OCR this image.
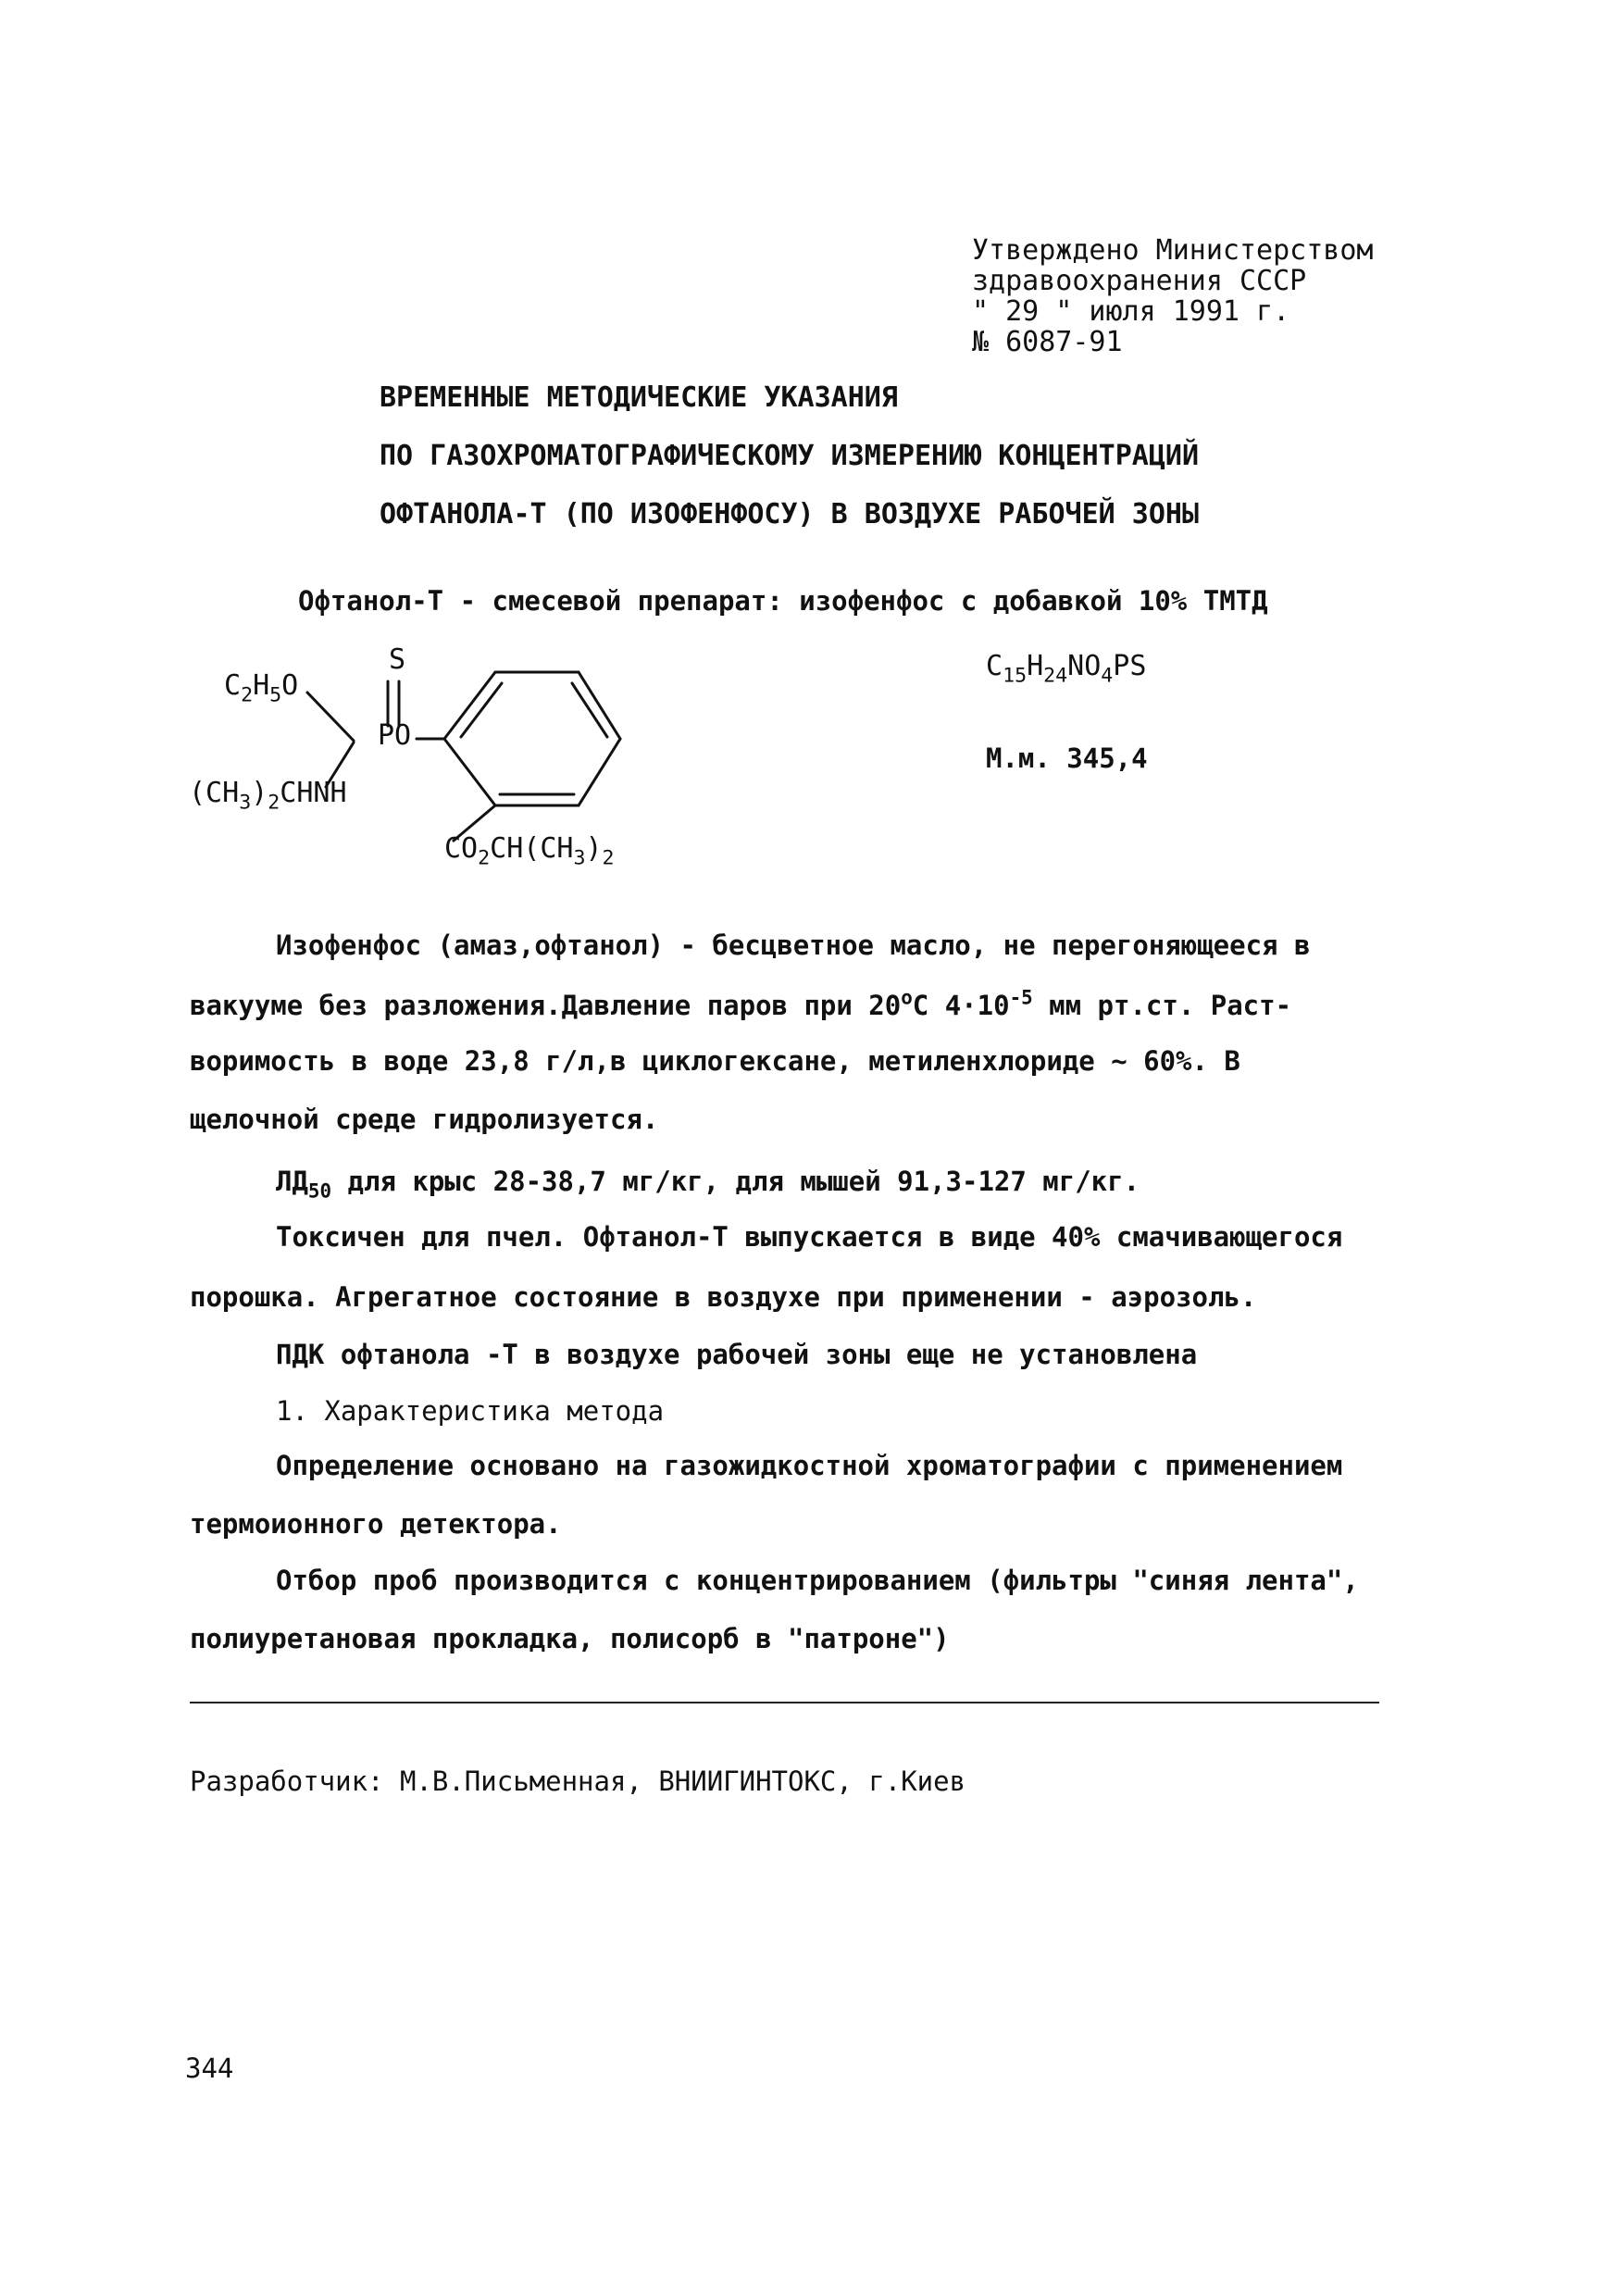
Утверждено Министерством
здравоохранения СССР
" 29 " июля 1991 г.
№ 6087-91
ВРЕМЕННЫЕ МЕТОДИЧЕСКИЕ УКАЗАНИЯ
ПО ГАЗОХРОМАТОГРАФИЧЕСКОМУ ИЗМЕРЕНИЮ КОНЦЕНТРАЦИЙ
ОФТАНОЛА-Т (ПО ИЗОФЕНФОСУ) В ВОЗДУХЕ РАБОЧЕЙ ЗОНЫ
Офтанол-Т - смесевой препарат: изофенфос с добавкой 10% ТМТД
S
$C_2H_5O$
PO
$(CH_3)_2CHNH$
$CO_2CH(CH_3)_2$
$C_{15}H_{24}NO_4PS$
М.м. 345,4
Изофенфос (амаз,офтанол) - бесцветное масло, не перегоняющееся в
вакууме без разложения.Давление паров при 20$^o$С $4\cdot 10^{-5}$ мм рт.ст. Раст-
воримость в воде 23,8 г/л,в циклогексане, метиленхлориде ~ 60%. В
щелочной среде гидролизуется.
$ЛД_{50}$ для крыс 28-38,7 мг/кг, для мышей 91,3-127 мг/кг.
Токсичен для пчел. Офтанол-Т выпускается в виде 40% смачивающегося
порошка. Агрегатное состояние в воздухе при применении - аэрозоль.
ПДК офтанола -Т в воздухе рабочей зоны еще не установлена
1. Характеристика метода
Определение основано на газожидкостной хроматографии с применением
термоионного детектора.
Отбор проб производится с концентрированием (фильтры "синяя лента",
полиуретановая прокладка, полисорб в "патроне")
Разработчик: М.В.Письменная, ВНИИГИНТОКС, г.Киев
344
